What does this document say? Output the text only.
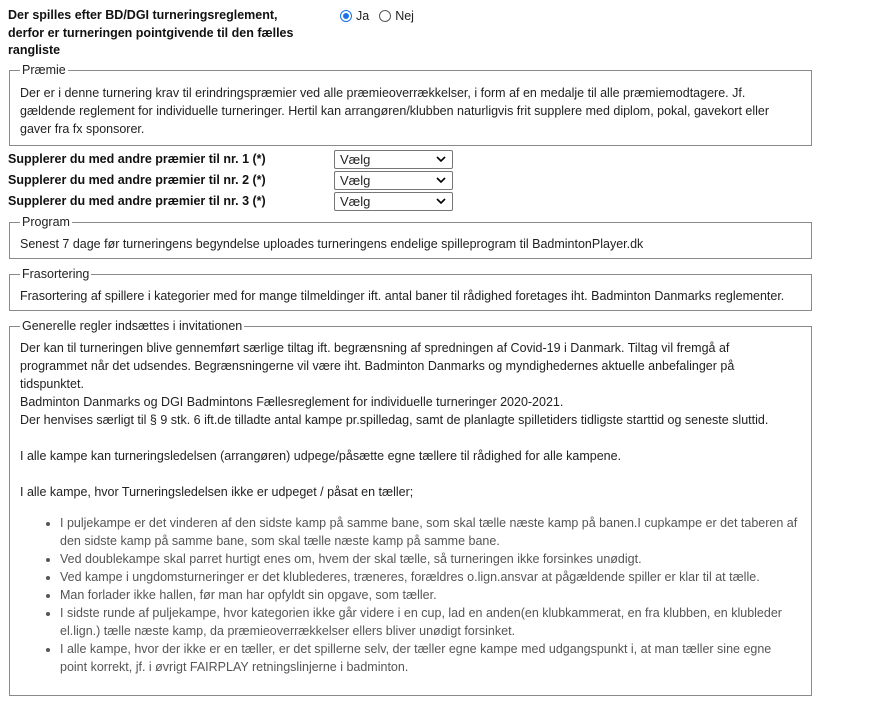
Der spilles efter BD/DGI turneringsreglement, derfor er turneringen pointgivende til den fælles rangliste
Ja Nej
Præmie

Der er i denne turnering krav til erindringspræmier ved alle præmieoverrækkelser, i form af en medalje til alle præmiemodtagere. Jf. gældende reglement for individuelle turneringer. Hertil kan arrangøren/klubben naturligvis frit supplere med diplom, pokal, gavekort eller gaver fra fx sponsorer.

Supplerer du med andre præmier til nr. 1 (*)	Vælg
Supplerer du med andre præmier til nr. 2 (*)	Vælg
Supplerer du med andre præmier til nr. 3 (*)	Vælg
Program

Senest 7 dage før turneringens begyndelse uploades turneringens endelige spilleprogram til BadmintonPlayer.dk

Frasortering

Frasortering af spillere i kategorier med for mange tilmeldinger ift. antal baner til rådighed foretages iht. Badminton Danmarks reglementer.

Generelle regler indsættes i invitationen

Der kan til turneringen blive gennemført særlige tiltag ift. begrænsning af spredningen af Covid-19 i Danmark. Tiltag vil fremgå af programmet når det udsendes. Begrænsningerne vil være iht. Badminton Danmarks og myndighedernes aktuelle anbefalinger på tidspunktet.

Badminton Danmarks og DGI Badmintons Fællesreglement for individuelle turneringer 2020-2021.

Der henvises særligt til § 9 stk. 6 ift.de tilladte antal kampe pr.spilledag, samt de planlagte spilletiders tidligste starttid og seneste sluttid.

I alle kampe kan turneringsledelsen (arrangøren) udpege/påsætte egne tællere til rådighed for alle kampene.

I alle kampe, hvor Turneringsledelsen ikke er udpeget / påsat en tæller;

• I puljekampe er det vinderen af den sidste kamp på samme bane, som skal tælle næste kamp på banen.I cupkampe er det taberen af den sidste kamp på samme bane, som skal tælle næste kamp på samme bane.
• Ved doublekampe skal parret hurtigt enes om, hvem der skal tælle, så turneringen ikke forsinkes unødigt.
• Ved kampe i ungdomsturneringer er det klublederes, træneres, forældres o.lign.ansvar at pågældende spiller er klar til at tælle.
• Man forlader ikke hallen, før man har opfyldt sin opgave, som tæller.
• I sidste runde af puljekampe, hvor kategorien ikke går videre i en cup, lad en anden(en klubkammerat, en fra klubben, en klubleder el.lign.) tælle næste kamp, da præmieoverrækkelser ellers bliver unødigt forsinket.
• I alle kampe, hvor der ikke er en tæller, er det spillerne selv, der tæller egne kampe med udgangspunkt i, at man tæller sine egne point korrekt, jf. i øvrigt FAIRPLAY retningslinjerne i badminton.
